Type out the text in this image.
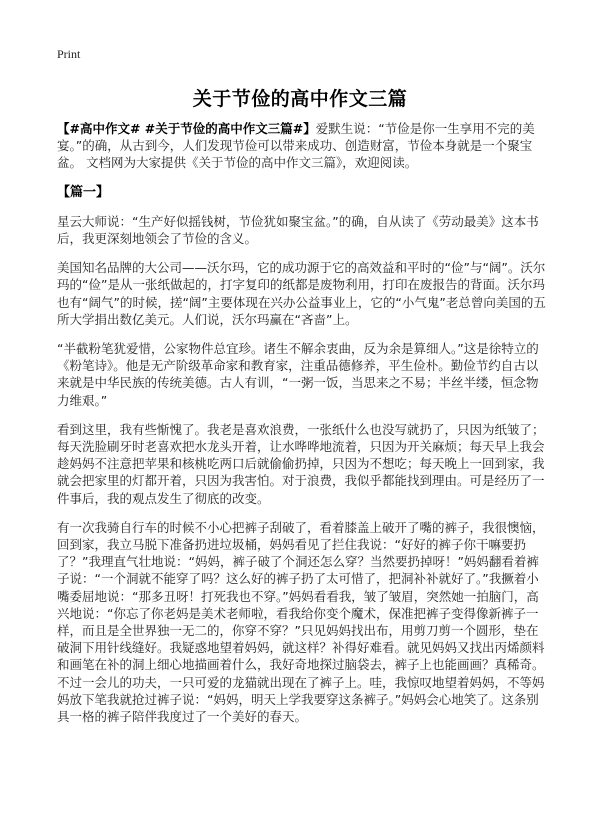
Print
关于节俭的高中作文三篇

【#高中作文# #关于节俭的高中作文三篇#】爱默生说：“节俭是你一生享用不完的美宴。”的确，从古到今，人们发现节俭可以带来成功、创造财富，节俭本身就是一个聚宝盆。 文档网为大家提供《关于节俭的高中作文三篇》，欢迎阅读。

【篇一】

星云大师说：“生产好似摇钱树，节俭犹如聚宝盆。”的确，自从读了《劳动最美》这本书后，我更深刻地领会了节俭的含义。

美国知名品牌的大公司——沃尔玛，它的成功源于它的高效益和平时的“俭”与“阔”。沃尔玛的“俭”是从一张纸做起的，打字复印的纸都是废物利用，打印在废报告的背面。沃尔玛也有“阔气”的时候，搓“阔”主要体现在兴办公益事业上，它的“小气鬼”老总曾向美国的五所大学捐出数亿美元。人们说，沃尔玛赢在“吝啬”上。

“半截粉笔犹爱惜，公家物件总宜珍。诸生不解余衷曲，反为余是算细人。”这是徐特立的《粉笔诗》。他是无产阶级革命家和教育家，注重品德修养，平生俭朴。勤俭节约自古以来就是中华民族的传统美德。古人有训，“一粥一饭，当思来之不易；半丝半缕，恒念物力维艰。”

看到这里，我有些惭愧了。我老是喜欢浪费，一张纸什么也没写就扔了，只因为纸皱了；每天洗脸刷牙时老喜欢把水龙头开着，让水哗哗地流着，只因为开关麻烦；每天早上我会趁妈妈不注意把苹果和核桃吃两口后就偷偷扔掉，只因为不想吃；每天晚上一回到家，我就会把家里的灯都开着，只因为我害怕。对于浪费，我似乎都能找到理由。可是经历了一件事后，我的观点发生了彻底的改变。

有一次我骑自行车的时候不小心把裤子刮破了，看着膝盖上破开了嘴的裤子，我很懊恼，回到家，我立马脱下准备扔进垃圾桶，妈妈看见了拦住我说：“好好的裤子你干嘛要扔了？”我理直气壮地说：“妈妈，裤子破了个洞还怎么穿？当然要扔掉呀！”妈妈翻看着裤子说：“一个洞就不能穿了吗？这么好的裤子扔了太可惜了，把洞补补就好了。”我撅着小嘴委屈地说：“那多丑呀！打死我也不穿。”妈妈看看我，皱了皱眉，突然她一拍脑门，高兴地说：“你忘了你老妈是美术老师啦，看我给你变个魔术，保准把裤子变得像新裤子一样，而且是全世界独一无二的，你穿不穿？”只见妈妈找出布，用剪刀剪一个圆形，垫在破洞下用针线缝好。我疑惑地望着妈妈，就这样？补得好难看。就见妈妈又找出丙烯颜料和画笔在补的洞上细心地描画着什么，我好奇地探过脑袋去，裤子上也能画画？真稀奇。不过一会儿的功夫，一只可爱的龙猫就出现在了裤子上。哇，我惊叹地望着妈妈，不等妈妈放下笔我就抢过裤子说：“妈妈，明天上学我要穿这条裤子。”妈妈会心地笑了。这条别具一格的裤子陪伴我度过了一个美好的春天。
